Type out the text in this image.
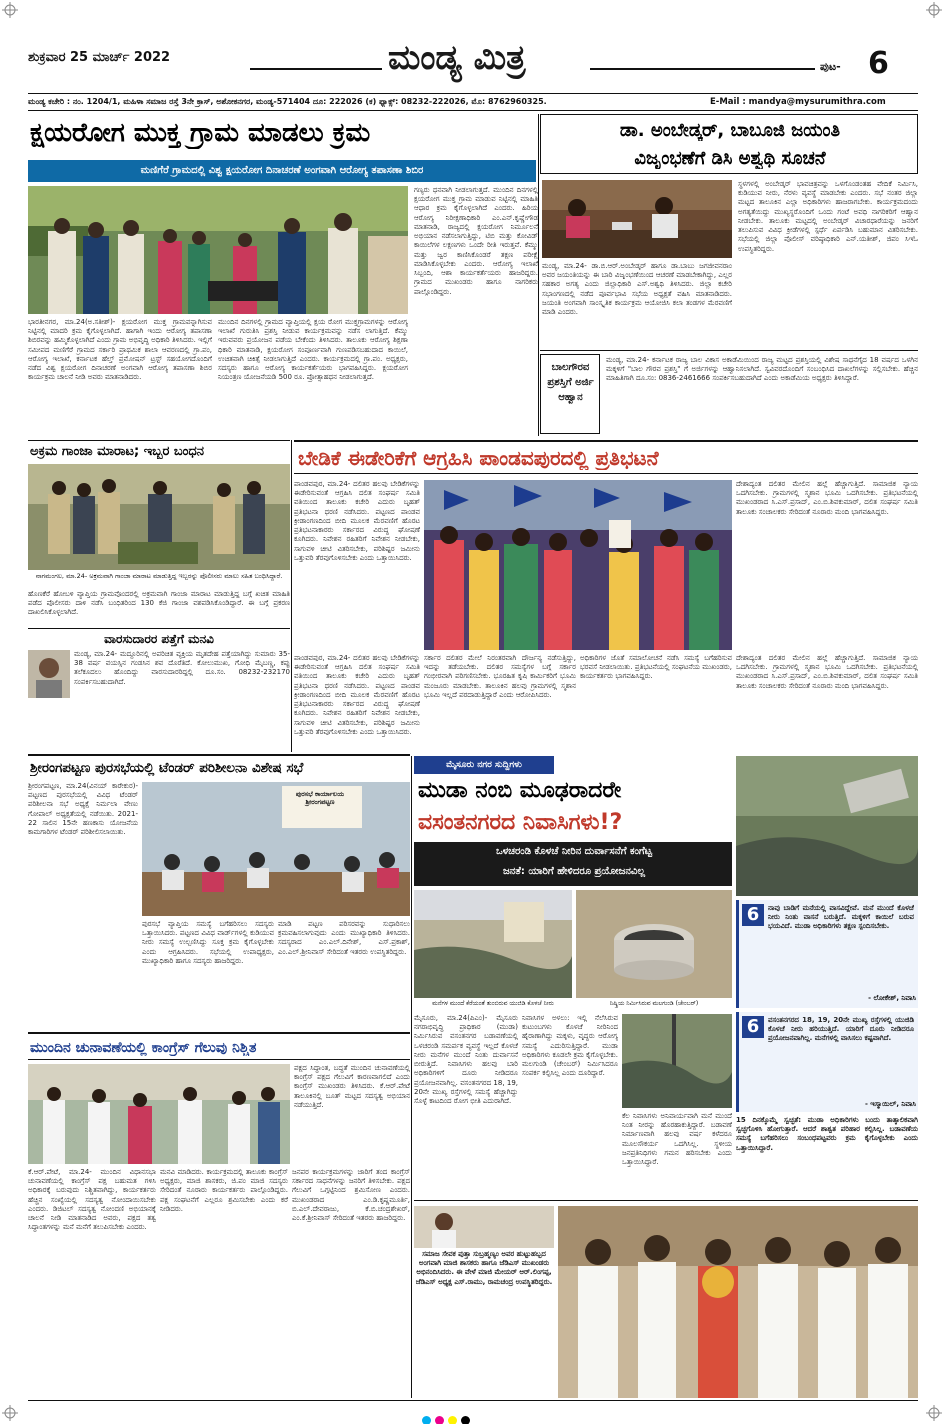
ಶುಕ್ರವಾರ 25 ಮಾರ್ಚ್ 2022	ಮಂಡ್ಯ ಮಿತ್ರ	ಪುಟ- 6
ಮಂಡ್ಯ ಕಚೇರಿ : ನಂ. 1204/1, ಮಹಿಳಾ ಸಮಾಜ ರಸ್ತೆ 3ನೇ ಕ್ರಾಸ್, ಅಶೋಕನಗರ, ಮಂಡ್ಯ-571404 ದೂ: 222026 (ಕ) ಫ್ಯಾಕ್ಸ್: 08232-222026, ಮೊ: 8762960325.	E-Mail : mandya@mysurumithra.com
ಕ್ಷಯರೋಗ ಮುಕ್ತ ಗ್ರಾಮ ಮಾಡಲು ಕ್ರಮ
ಮಣಿಗೆರೆ ಗ್ರಾಮದಲ್ಲಿ ವಿಶ್ವ ಕ್ಷಯರೋಗ ದಿನಾಚರಣೆ ಅಂಗವಾಗಿ ಆರೋಗ್ಯ ತಪಾಸಣಾ ಶಿಬಿರ
ಭಾರತೀನಗರ, ಮಾ.24(ಅ.ಸತೀಶ್)- ಕ್ಷಯರೋಗ ಮುಕ್ತ ಗ್ರಾಮವನ್ನಾಗಿಸುವ ನಿಟ್ಟಿನಲ್ಲಿ ಮಾದರಿ ಕ್ರಮ ಕೈಗೊಳ್ಳಲಾಗಿದೆ. ಹಾಗಾಗಿ ಇಂದು ಆರೋಗ್ಯ ತಪಾಸಣಾ ಶಿಬಿರವನ್ನು ಹಮ್ಮಿಕೊಳ್ಳಲಾಗಿದೆ ಎಂದು ಗ್ರಾಮ ಅಭಿವೃದ್ಧಿ ಅಧಿಕಾರಿ ತಿಳಿಸಿದರು. ಇಲ್ಲಿಗೆ ಸಮೀಪದ ಮಣಿಗೆರೆ ಗ್ರಾಮದ ಸರ್ಕಾರಿ ಪ್ರಾಥಮಿಕ ಶಾಲಾ ಆವರಣದಲ್ಲಿ ಗ್ರಾ.ಪಂ, ಆರೋಗ್ಯ ಇಲಾಖೆ, ಕರ್ನಾಟಕ ಹೆಲ್ತ್ ಪ್ರಮೋಷನ್ ಟ್ರಸ್ಟ್ ಸಹಯೋಗದೊಂದಿಗೆ ನಡೆದ ವಿಶ್ವ ಕ್ಷಯರೋಗ ದಿನಾಚರಣೆ ಅಂಗವಾಗಿ ಆರೋಗ್ಯ ತಪಾಸಣಾ ಶಿಬಿರ ಕಾರ್ಯಕ್ರಮ ಚಾಲನೆ ನೀಡಿ ಅವರು ಮಾತನಾಡಿದರು.
ಮುಂದಿನ ದಿನಗಳಲ್ಲಿ ಗ್ರಾಮದ ವ್ಯಾಪ್ತಿಯಲ್ಲಿ ಕ್ಷಯ ರೋಗ ಮುಕ್ತಗ್ರಾಮಗಳನ್ನು ಆರೋಗ್ಯ ಇಲಾಖೆ ಗುರುತಿಸಿ ಪ್ರಶಸ್ತಿ ನೀಡುವ ಕಾರ್ಯಕ್ರಮವನ್ನು ನಡೆಸ ಲಾಗುತ್ತಿದೆ. ಕೆಮ್ಮು ಇರುವವರು ಪ್ರಯೋಜನ ಪಡೆಯ ಬೇಕೆಂದು ತಿಳಿಸಿದರು. ತಾಲೂಕು ಆರೋಗ್ಯ ಶಿಕ್ಷಣಾ ಧಿಕಾರಿ ಮಾತನಾಡಿ, ಕ್ಷಯರೋಗ ಸಂಪೂರ್ಣವಾಗಿ ಗುಣಪಡಿಸಬಹುದಾದ ಕಾಯಿಲೆ, ಉಚಿತವಾಗಿ ಚಿಕಿತ್ಸೆ ನೀಡಲಾಗುತ್ತಿದೆ ಎಂದರು. ಕಾರ್ಯಕ್ರಮದಲ್ಲಿ ಗ್ರಾ.ಪಂ. ಅಧ್ಯಕ್ಷರು, ಸದಸ್ಯರು ಹಾಗೂ ಆರೋಗ್ಯ ಕಾರ್ಯಕರ್ತೆಯರು ಭಾಗವಹಿಸಿದ್ದರು. ಕ್ಷಯರೋಗ ನಿಯಂತ್ರಣ ಯೋಜನೆಯಡಿ 500 ರೂ. ಪ್ರೋತ್ಸಾಹಧನ ನೀಡಲಾಗುತ್ತದೆ.
ಗಣ್ಯರು ಧನವಾಗಿ ನೀಡಲಾಗುತ್ತದೆ. ಮುಂದಿನ ದಿನಗಳಲ್ಲಿ ಕ್ಷಯರೋಗ ಮುಕ್ತ ಗ್ರಾಮ ಮಾಡುವ ನಿಟ್ಟಿನಲ್ಲಿ ಮಾಹಿತಿ ಆಧಾರ ಕ್ರಮ ಕೈಗೊಳ್ಳಲಾಗಿದೆ ಎಂದರು. ಹಿರಿಯ ಆರೋಗ್ಯ ನಿರೀಕ್ಷಣಾಧಿಕಾರಿ ಎಂ.ಎನ್.ಕೃಷ್ಣೇಗೌಡ ಮಾತನಾಡಿ, ರಾಜ್ಯದಲ್ಲಿ ಕ್ಷಯರೋಗ ನಿರ್ಮೂಲನೆ ಅಭಿಯಾನ ನಡೆಸಲಾಗುತ್ತಿದ್ದು, ಟಿಬಿ ಮತ್ತು ಕೋವಿಡ್ ಕಾಯಿಲೆಗಳ ಲಕ್ಷಣಗಳು ಒಂದೇ ರೀತಿ ಇರುತ್ತವೆ. ಕೆಮ್ಮು ಮತ್ತು ಜ್ವರ ಕಾಣಿಸಿಕೊಂಡರೆ ತಕ್ಷಣ ಪರೀಕ್ಷೆ ಮಾಡಿಸಿಕೊಳ್ಳಬೇಕು ಎಂದರು. ಆರೋಗ್ಯ ಇಲಾಖೆ ಸಿಬ್ಬಂದಿ, ಆಶಾ ಕಾರ್ಯಕರ್ತೆಯರು ಹಾಜರಿದ್ದರು. ಗ್ರಾಮದ ಮುಖಂಡರು ಹಾಗೂ ನಾಗರಿಕರು ಪಾಲ್ಗೊಂಡಿದ್ದರು.
ಡಾ. ಅಂಬೇಡ್ಕರ್, ಬಾಬೂಜಿ ಜಯಂತಿ
ವಿಜೃಂಭಣೆಗೆ ಡಿಸಿ ಅಶ್ವಥಿ ಸೂಚನೆ
ಮಂಡ್ಯ, ಮಾ.24- ಡಾ.ಬಿ.ಆರ್.ಅಂಬೇಡ್ಕರ್ ಹಾಗೂ ಡಾ.ಬಾಬು ಜಗಜೀವನರಾಂ ಅವರ ಜಯಂತಿಯನ್ನು ಈ ಬಾರಿ ವಿಜೃಂಭಣೆಯಿಂದ ಆಚರಣೆ ಮಾಡಬೇಕಾಗಿದ್ದು, ಎಲ್ಲರ ಸಹಕಾರ ಅಗತ್ಯ ಎಂದು ಜಿಲ್ಲಾಧಿಕಾರಿ ಎಸ್.ಅಶ್ವಥಿ ತಿಳಿಸಿದರು. ಜಿಲ್ಲಾ ಕಚೇರಿ ಸಭಾಂಗಣದಲ್ಲಿ ನಡೆದ ಪೂರ್ವಭಾವಿ ಸಭೆಯ ಅಧ್ಯಕ್ಷತೆ ವಹಿಸಿ ಮಾತನಾಡಿದರು. ಜಯಂತಿ ಅಂಗವಾಗಿ ಸಾಂಸ್ಕೃತಿಕ ಕಾರ್ಯಕ್ರಮ ಆಯೋಜಿಸಿ ಕಲಾ ತಂಡಗಳ ಮೆರವಣಿಗೆ ಮಾಡಿ ಎಂದರು.
ಸ್ಥಳಗಳಲ್ಲಿ ಅಂಬೇಡ್ಕರ್ ಭಾವಚಿತ್ರವನ್ನು ಒಳಗೊಂಡಂತಹ ವೇದಿಕೆ ನಿರ್ಮಿಸಿ, ಕುಡಿಯುವ ನೀರು, ನೆರಳು ವ್ಯವಸ್ಥೆ ಮಾಡಬೇಕು ಎಂದರು. ಸಭೆ ನಂತರ ಜಿಲ್ಲಾ ಮಟ್ಟದ ತಾಲೂಕಿನ ಎಲ್ಲಾ ಅಧಿಕಾರಿಗಳು ಹಾಜರಾಗಬೇಕು. ಕಾರ್ಯಕ್ರಮದಂದು ಅಗತ್ಯತೆಯಿದ್ದು ಮುಖ್ಯಸ್ಥರೊಂದಿಗೆ ಒಂದು ಗಂಟೆ ಅವಧಿ ನಾಗರಿಕರಿಗೆ ಆಹ್ವಾನ ನೀಡಬೇಕು. ತಾಲೂಕು ಮಟ್ಟದಲ್ಲಿ ಅಂಬೇಡ್ಕರ್ ವಿಚಾರಧಾರೆಯನ್ನು ಜನರಿಗೆ ತಲುಪಿಸುವ ವಿವಿಧ ಕ್ರೀಡೆಗಳಲ್ಲಿ ಸ್ಪರ್ಧೆ ಏರ್ಪಡಿಸಿ ಬಹುಮಾನ ವಿತರಿಸಬೇಕು. ಸಭೆಯಲ್ಲಿ ಜಿಲ್ಲಾ ಪೊಲೀಸ್ ವರಿಷ್ಠಾಧಿಕಾರಿ ಎನ್.ಯತೀಶ್, ಜಿಪಂ ಸಿಇಓ ಉಪಸ್ಥಿತರಿದ್ದರು.
ಬಾಲಗೌರವ ಪ್ರಶಸ್ತಿಗೆ ಅರ್ಜಿ ಆಹ್ವಾನ
ಮಂಡ್ಯ, ಮಾ.24- ಕರ್ನಾಟಕ ರಾಜ್ಯ ಬಾಲ ವಿಕಾಸ ಅಕಾಡೆಮಿಯಿಂದ ರಾಜ್ಯ ಮಟ್ಟದ ಪ್ರಶಸ್ತಿಯಲ್ಲಿ ವಿಶೇಷ ಸಾಧನೆಗೈದ 18 ವರ್ಷದ ಒಳಗಿನ ಮಕ್ಕಳಿಗೆ "ಬಾಲ ಗೌರವ ಪ್ರಶಸ್ತಿ" ಗೆ ಅರ್ಜಿಗಳನ್ನು ಆಹ್ವಾನಿಸಲಾಗಿದೆ. ಸ್ವವಿವರದೊಂದಿಗೆ ಸಂಬಂಧಿಸಿದ ದಾಖಲೆಗಳನ್ನು ಸಲ್ಲಿಸಬೇಕು. ಹೆಚ್ಚಿನ ಮಾಹಿತಿಗಾಗಿ ದೂ.ಸಂ: 0836-2461666 ಸಂಪರ್ಕಿಸಬಹುದಾಗಿದೆ ಎಂದು ಅಕಾಡೆಮಿಯ ಅಧ್ಯಕ್ಷರು ತಿಳಿಸಿದ್ದಾರೆ.
ಅಕ್ರಮ ಗಾಂಜಾ ಮಾರಾಟ; ಇಬ್ಬರ ಬಂಧನ
ನಾಗಮಂಗಲ, ಮಾ.24- ಅಕ್ರಮವಾಗಿ ಗಾಂಜಾ ಮಾರಾಟ ಮಾಡುತ್ತಿದ್ದ ಇಬ್ಬರನ್ನು ಪೊಲೀಸರು ಮಾಲು ಸಹಿತ ಬಂಧಿಸಿದ್ದಾರೆ.
ಹೊಣಕೆರೆ ಹೋಬಳಿ ವ್ಯಾಪ್ತಿಯ ಗ್ರಾಮವೊಂದರಲ್ಲಿ ಅಕ್ರಮವಾಗಿ ಗಾಂಜಾ ಮಾರಾಟ ಮಾಡುತ್ತಿದ್ದ ಬಗ್ಗೆ ಖಚಿತ ಮಾಹಿತಿ ಪಡೆದ ಪೊಲೀಸರು ದಾಳಿ ನಡೆಸಿ ಬಂಧಿತರಿಂದ 130 ಕೆಜಿ ಗಾಂಜಾ ವಶಪಡಿಸಿಕೊಂಡಿದ್ದಾರೆ. ಈ ಬಗ್ಗೆ ಪ್ರಕರಣ ದಾಖಲಿಸಿಕೊಳ್ಳಲಾಗಿದೆ.
ವಾರಸುದಾರರ ಪತ್ತೆಗೆ ಮನವಿ
ಮಂಡ್ಯ, ಮಾ.24- ಮದ್ದೂರಿನಲ್ಲಿ ಅಪರಿಚಿತ ವ್ಯಕ್ತಿಯ ಮೃತದೇಹ ಪತ್ತೆಯಾಗಿದ್ದು ಸುಮಾರು 35-38 ವರ್ಷ ವಯಸ್ಸಿನ ಗಂಡಸಿನ ಶವ ದೊರೆತಿದೆ. ಕೋಲುಮುಖ, ಗೋಧಿ ಮೈಬಣ್ಣ, ಕಪ್ಪು ತಲೆಕೂದಲು ಹೊಂದಿದ್ದು ವಾರಸುದಾರರಿದ್ದಲ್ಲಿ ದೂ.ಸಂ. 08232-232170 ಸಂಪರ್ಕಿಸಬಹುದಾಗಿದೆ.
ಬೇಡಿಕೆ ಈಡೇರಿಕೆಗೆ ಆಗ್ರಹಿಸಿ ಪಾಂಡವಪುರದಲ್ಲಿ ಪ್ರತಿಭಟನೆ
ಪಾಂಡವಪುರ, ಮಾ.24- ದಲಿತರ ಹಲವು ಬೇಡಿಕೆಗಳನ್ನು ಈಡೇರಿಸುವಂತೆ ಆಗ್ರಹಿಸಿ ದಲಿತ ಸಂಘರ್ಷ ಸಮಿತಿ ವತಿಯಿಂದ ತಾಲೂಕು ಕಚೇರಿ ಎದುರು ಬೃಹತ್ ಪ್ರತಿಭಟನಾ ಧರಣಿ ನಡೆಸಿದರು. ಪಟ್ಟಣದ ಪಾಂಡವ ಕ್ರೀಡಾಂಗಣದಿಂದ ಬೀದಿ ಮೂಲಕ ಮೆರವಣಿಗೆ ಹೊರಟ ಪ್ರತಿಭಟನಾಕಾರರು ಸರ್ಕಾರದ ವಿರುದ್ಧ ಘೋಷಣೆ ಕೂಗಿದರು. ನಿವೇಶನ ರಹಿತರಿಗೆ ನಿವೇಶನ ನೀಡಬೇಕು, ಸಾಗುವಳಿ ಚೀಟಿ ವಿತರಿಸಬೇಕು, ಪರಿಶಿಷ್ಟರ ಜಮೀನು ಒತ್ತುವರಿ ತೆರವುಗೊಳಿಸಬೇಕು ಎಂದು ಒತ್ತಾಯಿಸಿದರು.
ದೇಶಾದ್ಯಂತ ದಲಿತರ ಮೇಲಿನ ಹಲ್ಲೆ ಹೆಚ್ಚಾಗುತ್ತಿದೆ. ಸಾಮಾಜಿಕ ನ್ಯಾಯ ಒದಗಿಸಬೇಕು. ಗ್ರಾಮಗಳಲ್ಲಿ ಸ್ಮಶಾನ ಭೂಮಿ ಒದಗಿಸಬೇಕು. ಪ್ರತಿಭಟನೆಯಲ್ಲಿ ಮುಖಂಡರಾದ ಸಿ.ಎಸ್.ಪ್ರಸಾದ್, ಎಂ.ಬಿ.ಶಿವಕುಮಾರ್, ದಲಿತ ಸಂಘರ್ಷ ಸಮಿತಿ ತಾಲೂಕು ಸಂಚಾಲಕರು ಸೇರಿದಂತೆ ನೂರಾರು ಮಂದಿ ಭಾಗವಹಿಸಿದ್ದರು.
ಪಾಂಡವಪುರ, ಮಾ.24- ದಲಿತರ ಹಲವು ಬೇಡಿಕೆಗಳನ್ನು ಈಡೇರಿಸುವಂತೆ ಆಗ್ರಹಿಸಿ ದಲಿತ ಸಂಘರ್ಷ ಸಮಿತಿ ವತಿಯಿಂದ ತಾಲೂಕು ಕಚೇರಿ ಎದುರು ಬೃಹತ್ ಪ್ರತಿಭಟನಾ ಧರಣಿ ನಡೆಸಿದರು. ಪಟ್ಟಣದ ಪಾಂಡವ ಕ್ರೀಡಾಂಗಣದಿಂದ ಬೀದಿ ಮೂಲಕ ಮೆರವಣಿಗೆ ಹೊರಟ ಪ್ರತಿಭಟನಾಕಾರರು ಸರ್ಕಾರದ ವಿರುದ್ಧ ಘೋಷಣೆ ಕೂಗಿದರು. ನಿವೇಶನ ರಹಿತರಿಗೆ ನಿವೇಶನ ನೀಡಬೇಕು, ಸಾಗುವಳಿ ಚೀಟಿ ವಿತರಿಸಬೇಕು, ಪರಿಶಿಷ್ಟರ ಜಮೀನು ಒತ್ತುವರಿ ತೆರವುಗೊಳಿಸಬೇಕು ಎಂದು ಒತ್ತಾಯಿಸಿದರು.
ಸರ್ಕಾರ ದಲಿತರ ಮೇಲೆ ನಿರಂತರವಾಗಿ ದೌರ್ಜನ್ಯ ನಡೆಸುತ್ತಿದ್ದು, ಇದನ್ನು ತಡೆಯಬೇಕು. ದಲಿತರ ಸಮಸ್ಯೆಗಳ ಬಗ್ಗೆ ಸರ್ಕಾರ ಗಂಭೀರವಾಗಿ ಪರಿಗಣಿಸಬೇಕು. ಭೂರಹಿತ ಕೃಷಿ ಕಾರ್ಮಿಕರಿಗೆ ಭೂಮಿ ಮಂಜೂರು ಮಾಡಬೇಕು. ತಾಲೂಕಿನ ಹಲವು ಗ್ರಾಮಗಳಲ್ಲಿ ಸ್ಮಶಾನ ಭೂಮಿ ಇಲ್ಲದೆ ಪರದಾಡುತ್ತಿದ್ದಾರೆ ಎಂದು ಆರೋಪಿಸಿದರು.
ಅಧಿಕಾರಿಗಳ ಜೊತೆ ಸಮಾಲೋಚನೆ ನಡೆಸಿ ಸಮಸ್ಯೆ ಬಗೆಹರಿಸುವ ಭರವಸೆ ನೀಡಲಾಯಿತು. ಪ್ರತಿಭಟನೆಯಲ್ಲಿ ಸಂಘಟನೆಯ ಮುಖಂಡರು, ಕಾರ್ಯಕರ್ತರು ಭಾಗವಹಿಸಿದ್ದರು.
ದೇಶಾದ್ಯಂತ ದಲಿತರ ಮೇಲಿನ ಹಲ್ಲೆ ಹೆಚ್ಚಾಗುತ್ತಿದೆ. ಸಾಮಾಜಿಕ ನ್ಯಾಯ ಒದಗಿಸಬೇಕು. ಗ್ರಾಮಗಳಲ್ಲಿ ಸ್ಮಶಾನ ಭೂಮಿ ಒದಗಿಸಬೇಕು. ಪ್ರತಿಭಟನೆಯಲ್ಲಿ ಮುಖಂಡರಾದ ಸಿ.ಎಸ್.ಪ್ರಸಾದ್, ಎಂ.ಬಿ.ಶಿವಕುಮಾರ್, ದಲಿತ ಸಂಘರ್ಷ ಸಮಿತಿ ತಾಲೂಕು ಸಂಚಾಲಕರು ಸೇರಿದಂತೆ ನೂರಾರು ಮಂದಿ ಭಾಗವಹಿಸಿದ್ದರು.
ಶ್ರೀರಂಗಪಟ್ಟಣ ಪುರಸಭೆಯಲ್ಲಿ ಟೆಂಡರ್ ಪರಿಶೀಲನಾ ವಿಶೇಷ ಸಭೆ
ಶ್ರೀರಂಗಪಟ್ಟಣ, ಮಾ.24(ವಿನಯ್ ಕಾರೇಕುರ)- ಪಟ್ಟಣದ ಪುರಸಭೆಯಲ್ಲಿ ವಿವಿಧ ಟೆಂಡರ್ ಪರಿಶೀಲನಾ ಸಭೆ ಅಧ್ಯಕ್ಷೆ ನಿರ್ಮಲಾ ವೇಣು ಗೋಪಾಲ್ ಅಧ್ಯಕ್ಷತೆಯಲ್ಲಿ ನಡೆಯಿತು. 2021-22 ಸಾಲಿನ 15ನೇ ಹಣಕಾಸು ಯೋಜನೆಯ ಕಾಮಗಾರಿಗಳ ಟೆಂಡರ್ ಪರಿಶೀಲಿಸಲಾಯಿತು.
ಪುರಸಭೆ ಕಾರ್ಯಾಲಯ ಶ್ರೀರಂಗಪಟ್ಟಣ
ಪುರಸಭೆ ವ್ಯಾಪ್ತಿಯ ಸಮಸ್ಯೆ ಬಗೆಹರಿಸಲು ಸದಸ್ಯರು ಒತ್ತಾಯಿಸಿದರು. ಪಟ್ಟಣದ ವಿವಿಧ ವಾರ್ಡ್‌ಗಳಲ್ಲಿ ಕುಡಿಯುವ ನೀರು ಸಮಸ್ಯೆ ಉಲ್ಬಣಿಸಿದ್ದು ಸೂಕ್ತ ಕ್ರಮ ಕೈಗೊಳ್ಳಬೇಕು ಎಂದು ಆಗ್ರಹಿಸಿದರು. ಸಭೆಯಲ್ಲಿ ಉಪಾಧ್ಯಕ್ಷರು, ಮುಖ್ಯಾಧಿಕಾರಿ ಹಾಗೂ ಸದಸ್ಯರು ಹಾಜರಿದ್ದರು.
ಮಾಡಿ ಪಟ್ಟಣ ಪರಿಸರವನ್ನು ಸುಧಾರಿಸಲು ಕ್ರಮವಹಿಸಲಾಗುವುದು ಎಂದು ಮುಖ್ಯಾಧಿಕಾರಿ ತಿಳಿಸಿದರು. ಸದಸ್ಯರಾದ ಎಂ.ಎಲ್.ದಿನೇಶ್, ಎಸ್.ಪ್ರಕಾಶ್, ಎಂ.ಎಲ್.ಶ್ರೀನಿವಾಸ್ ಸೇರಿದಂತೆ ಇತರರು ಉಪಸ್ಥಿತರಿದ್ದರು.
ಮುಂದಿನ ಚುನಾವಣೆಯಲ್ಲಿ ಕಾಂಗ್ರೆಸ್ ಗೆಲುವು ನಿಶ್ಚಿತ
ಪಕ್ಷದ ಸಿದ್ಧಾಂತ, ಬದ್ಧತೆ ಮುಂದಿನ ಚುನಾವಣೆಯಲ್ಲಿ ಕಾಂಗ್ರೆಸ್ ಪಕ್ಷದ ಗೆಲುವಿಗೆ ಕಾರಣವಾಗಲಿದೆ ಎಂದು ಕಾಂಗ್ರೆಸ್ ಮುಖಂಡರು ತಿಳಿಸಿದರು. ಕೆ.ಆರ್.ಪೇಟೆ ತಾಲೂಕಿನಲ್ಲಿ ಬೂತ್ ಮಟ್ಟದ ಸದಸ್ಯತ್ವ ಅಭಿಯಾನ ನಡೆಯುತ್ತಿದೆ.
ಕೆ.ಆರ್.ಪೇಟೆ, ಮಾ.24- ಮುಂದಿನ ವಿಧಾನಸಭಾ ಚುನಾವಣೆಯಲ್ಲಿ ಕಾಂಗ್ರೆಸ್ ಪಕ್ಷ ಬಹುಮತ ಗಳಿಸಿ ಅಧಿಕಾರಕ್ಕೆ ಬರುವುದು ನಿಶ್ಚಿತವಾಗಿದ್ದು, ಕಾರ್ಯಕರ್ತರು ಹೆಚ್ಚಿನ ಸಂಖ್ಯೆಯಲ್ಲಿ ಸದಸ್ಯತ್ವ ನೋಂದಾಯಿಸಬೇಕು ಎಂದರು. ಡಿಜಿಟಲ್ ಸದಸ್ಯತ್ವ ನೋಂದಣಿ ಅಭಿಯಾನಕ್ಕೆ ಚಾಲನೆ ನೀಡಿ ಮಾತನಾಡಿದ ಅವರು, ಪಕ್ಷದ ತತ್ವ ಸಿದ್ಧಾಂತಗಳನ್ನು ಮನೆ ಮನೆಗೆ ತಲುಪಿಸಬೇಕು ಎಂದರು.
ಮನವಿ ಮಾಡಿದರು. ಕಾರ್ಯಕ್ರಮದಲ್ಲಿ ತಾಲೂಕು ಕಾಂಗ್ರೆಸ್ ಅಧ್ಯಕ್ಷರು, ಮಾಜಿ ಶಾಸಕರು, ಜಿ.ಪಂ ಮಾಜಿ ಸದಸ್ಯರು ಸೇರಿದಂತೆ ನೂರಾರು ಕಾರ್ಯಕರ್ತರು ಪಾಲ್ಗೊಂಡಿದ್ದರು. ಪಕ್ಷ ಸಂಘಟನೆಗೆ ಎಲ್ಲರೂ ಶ್ರಮಿಸಬೇಕು ಎಂದು ಕರೆ ನೀಡಿದರು.
ಜನಪರ ಕಾರ್ಯಕ್ರಮಗಳನ್ನು ಜಾರಿಗೆ ತಂದ ಕಾಂಗ್ರೆಸ್ ಸರ್ಕಾರದ ಸಾಧನೆಗಳನ್ನು ಜನರಿಗೆ ತಿಳಿಸಬೇಕು. ಪಕ್ಷದ ಗೆಲುವಿಗೆ ಒಗ್ಗಟ್ಟಿನಿಂದ ಶ್ರಮಿಸೋಣ ಎಂದರು. ಮುಖಂಡರಾದ ಎಂ.ಡಿ.ಕೃಷ್ಣಮೂರ್ತಿ, ಬಿ.ಎಲ್.ದೇವರಾಜು, ಕೆ.ಬಿ.ಚಂದ್ರಶೇಖರ್, ಎಂ.ಕೆ.ಶ್ರೀನಿವಾಸ್ ಸೇರಿದಂತೆ ಇತರರು ಹಾಜರಿದ್ದರು.
ಮೈಸೂರು ನಗರ ಸುದ್ದಿಗಳು
ಮುಡಾ ನಂಬಿ ಮೂಢರಾದರೇ
ವಸಂತನಗರದ ನಿವಾಸಿಗಳು!?
ಒಳಚರಂಡಿ ಕೊಳಚೆ ನೀರಿನ ದುರ್ವಾಸನೆಗೆ ಕಂಗೆಟ್ಟ
ಜನತೆ: ಯಾರಿಗೆ ಹೇಳಿದರೂ ಪ್ರಯೋಜನವಿಲ್ಲ
ಮನೆಗಳ ಮುಂದೆ ಕೆರೆಯಂತೆ ತುಂಬಿರುವ ಯುಜಿಡಿ ಕೊಳಚೆ ನೀರು	ನಿಷ್ಕ್ರಿಯ ನಿರ್ಮಿಸಿರುವ ಮಲಗುಂಡಿ (ಚೇಂಬರ್)
6	ನಾವು ಬಾಡಿಗೆ ಮನೆಯಲ್ಲಿ ವಾಸವಿದ್ದೇವೆ. ಮನೆ ಮುಂದೆ ಕೊಳಚೆ ನೀರು ನಿಂತು ವಾಸನೆ ಬರುತ್ತಿದೆ. ಮಕ್ಕಳಿಗೆ ಕಾಯಿಲೆ ಬರುವ ಭಯವಿದೆ. ಮುಡಾ ಅಧಿಕಾರಿಗಳು ತಕ್ಷಣ ಸ್ಪಂದಿಸಬೇಕು.
- ಲೋಕೇಶ್, ನಿವಾಸಿ
6	ವಸಂತನಗರದ 18, 19, 20ನೇ ಮುಖ್ಯ ರಸ್ತೆಗಳಲ್ಲಿ ಯುಜಿಡಿ ಕೊಳಚೆ ನೀರು ಹರಿಯುತ್ತಿದೆ. ಯಾರಿಗೆ ದೂರು ನೀಡಿದರೂ ಪ್ರಯೋಜನವಾಗಿಲ್ಲ. ಮನೆಗಳಲ್ಲಿ ವಾಸಿಸಲು ಕಷ್ಟವಾಗಿದೆ.
- ಇಸ್ಮಾಯಿಲ್, ನಿವಾಸಿ
ಮೈಸೂರು, ಮಾ.24(ಪಿಎಂ)- ಮೈಸೂರು ನಗರಾಭಿವೃದ್ಧಿ ಪ್ರಾಧಿಕಾರ (ಮುಡಾ) ನಿರ್ಮಿಸಿರುವ ವಸಂತನಗರ ಬಡಾವಣೆಯಲ್ಲಿ ಒಳಚರಂಡಿ ಸಮರ್ಪಕ ವ್ಯವಸ್ಥೆ ಇಲ್ಲದೆ ಕೊಳಚೆ ನೀರು ಮನೆಗಳ ಮುಂದೆ ನಿಂತು ದುರ್ವಾಸನೆ ಬೀರುತ್ತಿದೆ. ನಿವಾಸಿಗಳು ಹಲವು ಬಾರಿ ಅಧಿಕಾರಿಗಳಿಗೆ ದೂರು ನೀಡಿದರೂ ಪ್ರಯೋಜನವಾಗಿಲ್ಲ. ವಸಂತನಗರದ 18, 19, 20ನೇ ಮುಖ್ಯ ರಸ್ತೆಗಳಲ್ಲಿ ಸಮಸ್ಯೆ ಹೆಚ್ಚಾಗಿದ್ದು ಸೊಳ್ಳೆ ಕಾಟದಿಂದ ರೋಗ ಭೀತಿ ಎದುರಾಗಿದೆ.
ನಿವಾಸಿಗಳ ಅಳಲು: ಇಲ್ಲಿ ನೆಲೆಸಿರುವ ಕುಟುಂಬಗಳು ಕೊಳಚೆ ನೀರಿನಿಂದ ಹೈರಾಣಾಗಿದ್ದು ಮಕ್ಕಳು, ವೃದ್ಧರು ಆರೋಗ್ಯ ಸಮಸ್ಯೆ ಎದುರಿಸುತ್ತಿದ್ದಾರೆ. ಮುಡಾ ಅಧಿಕಾರಿಗಳು ಕೂಡಲೇ ಕ್ರಮ ಕೈಗೊಳ್ಳಬೇಕು. ಮಲಗುಂಡಿ (ಚೇಂಬರ್) ನಿರ್ಮಿಸಿದರೂ ಸಂಪರ್ಕ ಕಲ್ಪಿಸಿಲ್ಲ ಎಂದು ದೂರಿದ್ದಾರೆ.
ಕೆಲ ನಿವಾಸಿಗಳು ಅನಿವಾರ್ಯವಾಗಿ ಮನೆ ಮುಂದೆ ನಿಂತ ನೀರನ್ನು ಹೊರಹಾಕುತ್ತಿದ್ದಾರೆ. ಬಡಾವಣೆ ನಿರ್ಮಾಣವಾಗಿ ಹಲವು ವರ್ಷ ಕಳೆದರೂ ಮೂಲಸೌಕರ್ಯ ಒದಗಿಸಿಲ್ಲ. ಸ್ಥಳೀಯ ಜನಪ್ರತಿನಿಧಿಗಳು ಗಮನ ಹರಿಸಬೇಕು ಎಂದು ಒತ್ತಾಯಿಸಿದ್ದಾರೆ.
15 ದಿನಕ್ಕೊಮ್ಮೆ ಸ್ವಚ್ಛತೆ: ಮುಡಾ ಅಧಿಕಾರಿಗಳು ಬಂದು ತಾತ್ಕಾಲಿಕವಾಗಿ ಸ್ವಚ್ಛಗೊಳಿಸಿ ಹೋಗುತ್ತಾರೆ. ಆದರೆ ಶಾಶ್ವತ ಪರಿಹಾರ ಕಲ್ಪಿಸಿಲ್ಲ. ಬಡಾವಣೆಯ ಸಮಸ್ಯೆ ಬಗೆಹರಿಸಲು ಸಂಬಂಧಪಟ್ಟವರು ಕ್ರಮ ಕೈಗೊಳ್ಳಬೇಕು ಎಂದು ಒತ್ತಾಯಿಸಿದ್ದಾರೆ.
ಸಮಾಜ ಸೇವಕ ಪುತ್ತಾ ಸುಬ್ರಹ್ಮಣ್ಯಂ ಅವರ ಹುಟ್ಟುಹಬ್ಬದ ಅಂಗವಾಗಿ ಮಾಜಿ ಶಾಸಕರು ಹಾಗೂ ಜೆಡಿಎಸ್ ಮುಖಂಡರು ಅಭಿನಂದಿಸಿದರು. ಈ ವೇಳೆ ಮಾಜಿ ಮೇಯರ್ ಆರ್.ಲಿಂಗಪ್ಪ, ಜೆಡಿಎಸ್ ಅಧ್ಯಕ್ಷ ಎಸ್.ರಾಮು, ರಾಮಚಂದ್ರ ಉಪಸ್ಥಿತರಿದ್ದರು.
